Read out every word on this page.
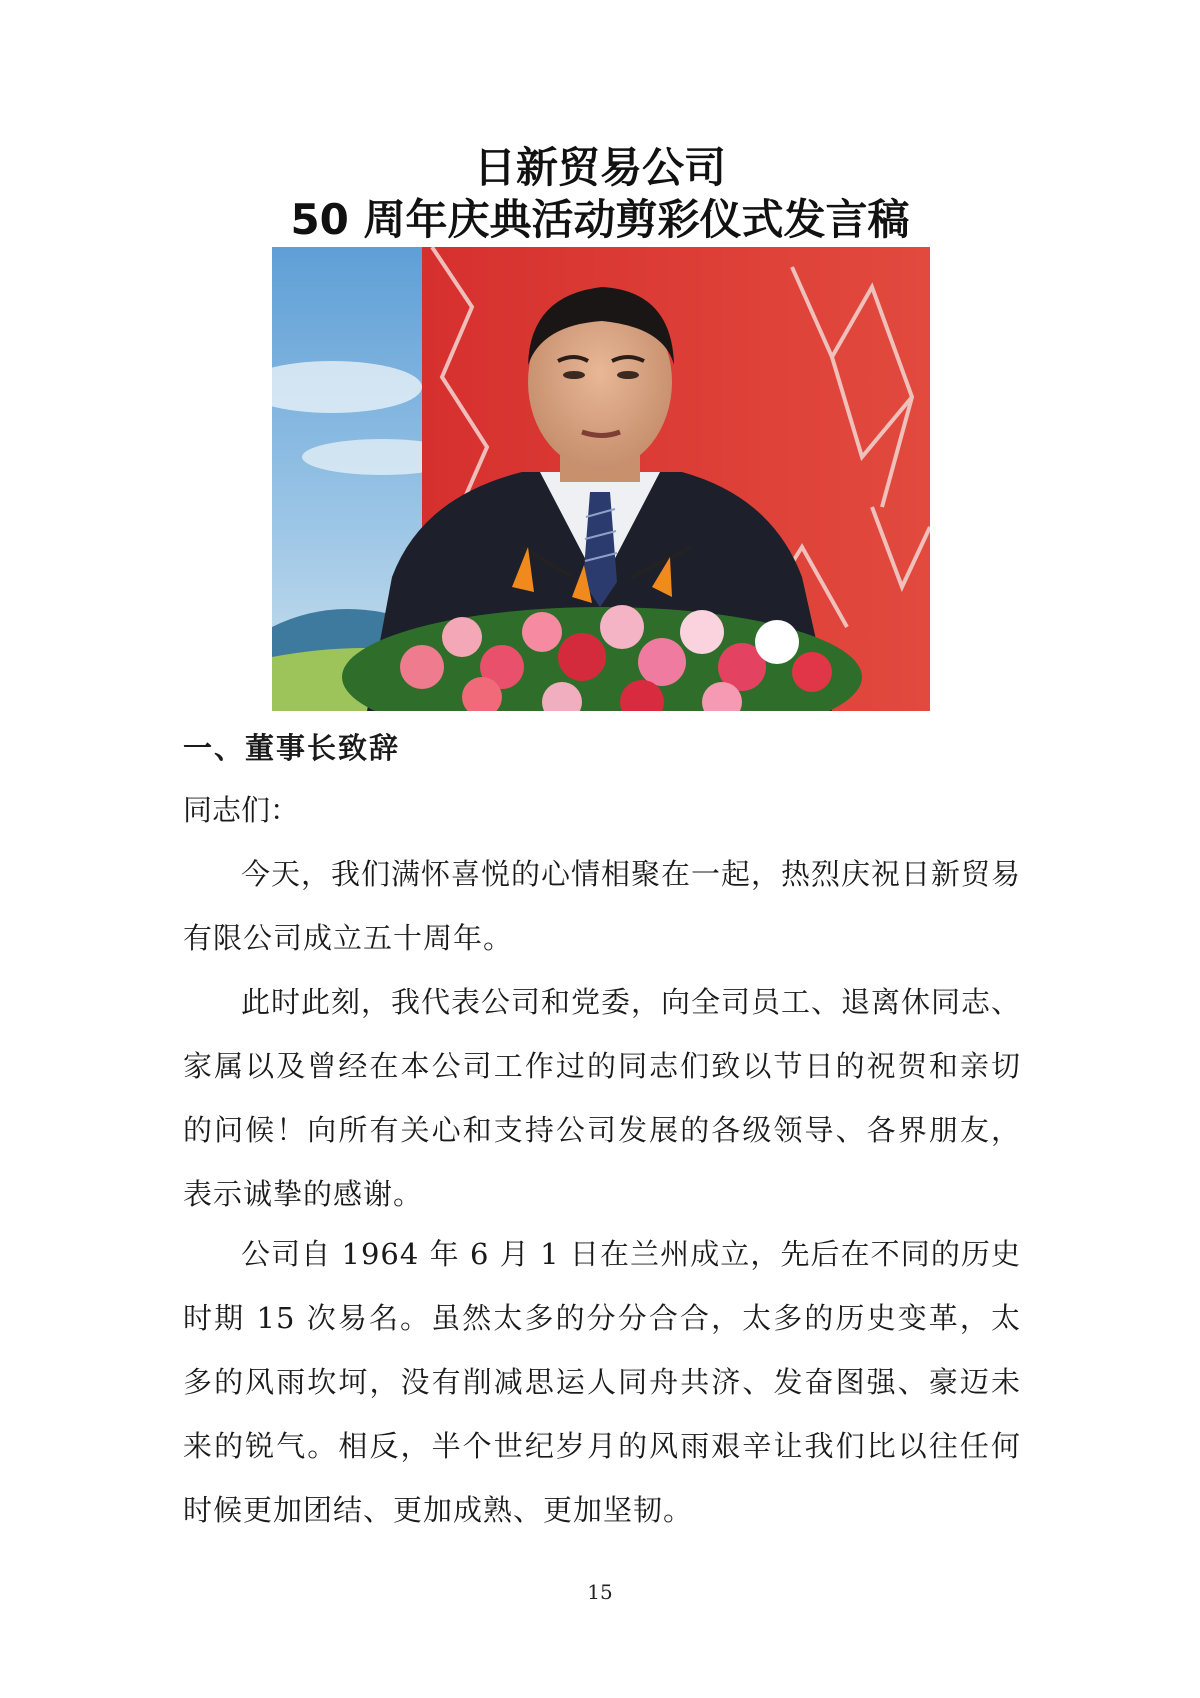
日新贸易公司
50 周年庆典活动剪彩仪式发言稿
一、董事长致辞
同志们：

今天，我们满怀喜悦的心情相聚在一起，热烈庆祝日新贸易有限公司成立五十周年。

此时此刻，我代表公司和党委，向全司员工、退离休同志、家属以及曾经在本公司工作过的同志们致以节日的祝贺和亲切的问候！向所有关心和支持公司发展的各级领导、各界朋友，表示诚挚的感谢。

公司自 1964 年 6 月 1 日在兰州成立，先后在不同的历史时期 15 次易名。虽然太多的分分合合，太多的历史变革，太多的风雨坎坷，没有削减思运人同舟共济、发奋图强、豪迈未来的锐气。相反，半个世纪岁月的风雨艰辛让我们比以往任何时候更加团结、更加成熟、更加坚韧。

15
